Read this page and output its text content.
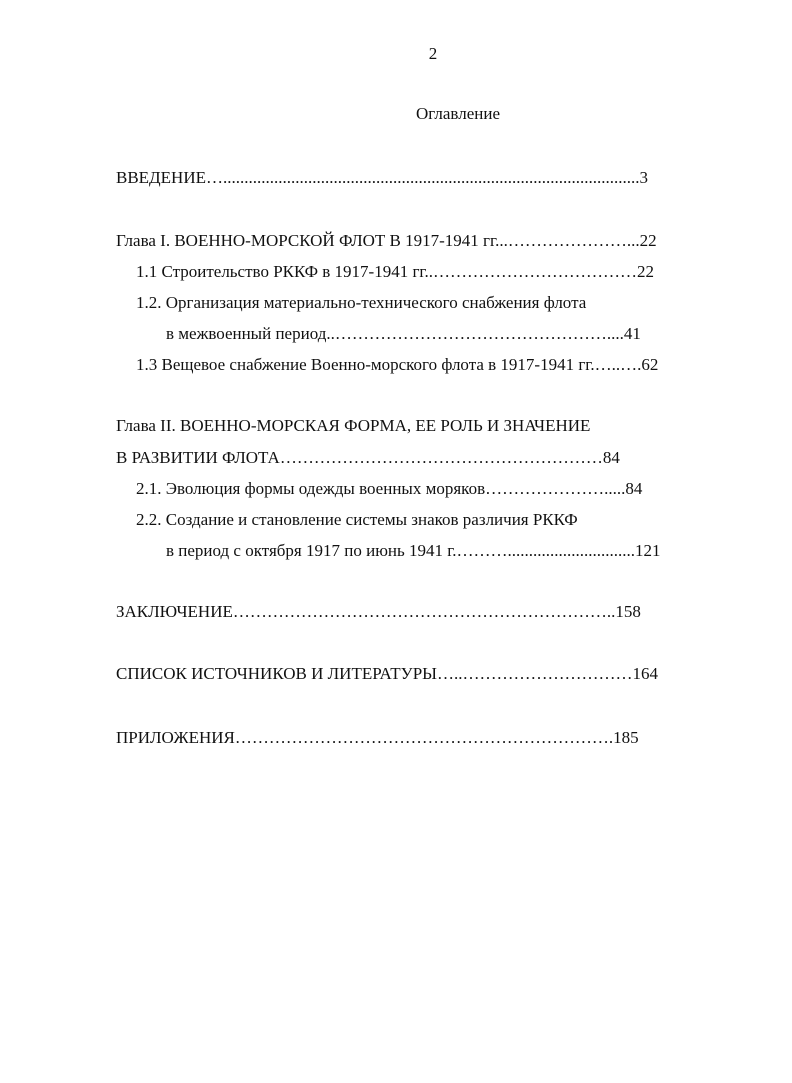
2
Оглавление
ВВЕДЕНИЕ…..................................................................................................3
Глава I. ВОЕННО-МОРСКОЙ ФЛОТ В 1917-1941 гг...…………………...22
1.1 Строительство РККФ в 1917-1941 гг..………………………………22
1.2. Организация материально-технического снабжения флота
в межвоенный период..…………………………………………....41
1.3 Вещевое снабжение Военно-морского флота в 1917-1941 гг.…..….62
Глава II. ВОЕННО-МОРСКАЯ ФОРМА, ЕЕ РОЛЬ И ЗНАЧЕНИЕ
В РАЗВИТИИ ФЛОТА…………………………………………………84
2.1. Эволюция формы одежды военных моряков………………….....84
2.2. Создание и становление системы знаков различия РККФ
в период с октября 1917 по июнь 1941 г.………..............................121
ЗАКЛЮЧЕНИЕ…………………………………………………………..158
СПИСОК ИСТОЧНИКОВ И ЛИТЕРАТУРЫ…..…………………………164
ПРИЛОЖЕНИЯ………………………………………………………….185
